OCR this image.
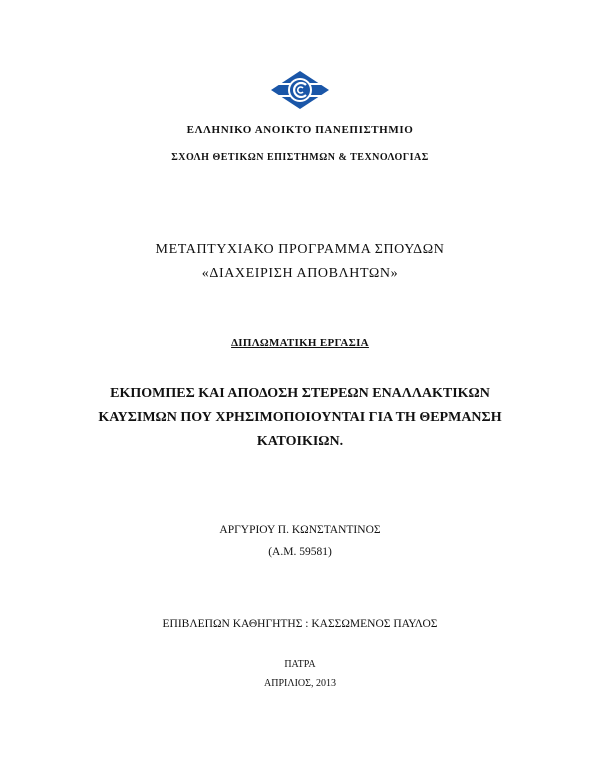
ΕΛΛΗΝΙΚΟ ΑΝΟΙΚΤΟ ΠΑΝΕΠΙΣΤΗΜΙΟ
ΣΧΟΛΗ ΘΕΤΙΚΩΝ ΕΠΙΣΤΗΜΩΝ & ΤΕΧΝΟΛΟΓΙΑΣ
ΜΕΤΑΠΤΥΧΙΑΚΟ ΠΡΟΓΡΑΜΜΑ ΣΠΟΥΔΩΝ
«ΔΙΑΧΕΙΡΙΣΗ ΑΠΟΒΛΗΤΩΝ»
ΔΙΠΛΩΜΑΤΙΚΗ ΕΡΓΑΣΙΑ
ΕΚΠΟΜΠΕΣ ΚΑΙ ΑΠΟΔΟΣΗ ΣΤΕΡΕΩΝ ΕΝΑΛΛΑΚΤΙΚΩΝ
ΚΑΥΣΙΜΩΝ ΠΟΥ ΧΡΗΣΙΜΟΠΟΙΟΥΝΤΑΙ ΓΙΑ ΤΗ ΘΕΡΜΑΝΣΗ
ΚΑΤΟΙΚΙΩΝ.
ΑΡΓΥΡΙΟΥ Π. ΚΩΝΣΤΑΝΤΙΝΟΣ
(Α.Μ. 59581)
ΕΠΙΒΛΕΠΩΝ ΚΑΘΗΓΗΤΗΣ : ΚΑΣΣΩΜΕΝΟΣ ΠΑΥΛΟΣ
ΠΑΤΡΑ
ΑΠΡΙΛΙΟΣ, 2013
